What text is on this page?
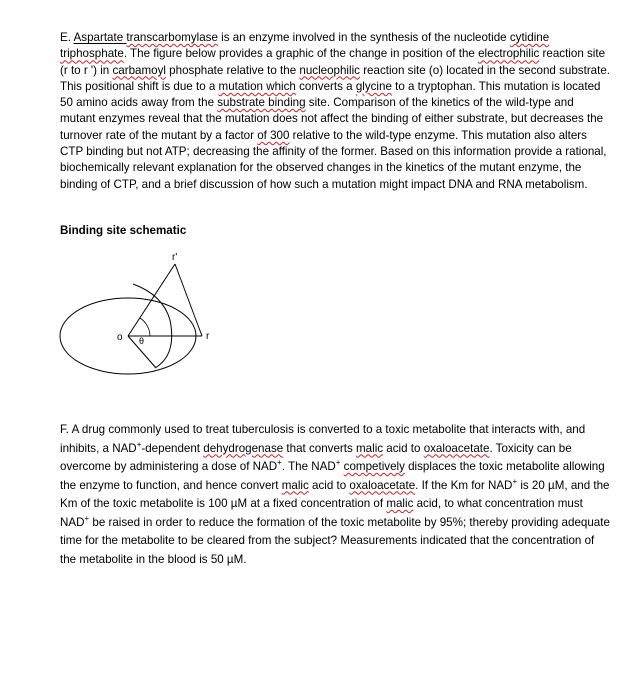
E. Aspartate transcarbomylase is an enzyme involved in the synthesis of the nucleotide cytidine triphosphate. The figure below provides a graphic of the change in position of the electrophilic reaction site (r to r ') in carbamoyl phosphate relative to the nucleophilic reaction site (o) located in the second substrate. This positional shift is due to a mutation which converts a glycine to a tryptophan. This mutation is located 50 amino acids away from the substrate binding site. Comparison of the kinetics of the wild-type and mutant enzymes reveal that the mutation does not affect the binding of either substrate, but decreases the turnover rate of the mutant by a factor of 300 relative to the wild-type enzyme. This mutation also alters CTP binding but not ATP; decreasing the affinity of the former. Based on this information provide a rational, biochemically relevant explanation for the observed changes in the kinetics of the mutant enzyme, the binding of CTP, and a brief discussion of how such a mutation might impact DNA and RNA metabolism.
Binding site schematic
r'
r
o θ
F. A drug commonly used to treat tuberculosis is converted to a toxic metabolite that interacts with, and inhibits, a NAD+-dependent dehydrogenase that converts malic acid to oxaloacetate. Toxicity can be overcome by administering a dose of NAD+. The NAD+ competively displaces the toxic metabolite allowing the enzyme to function, and hence convert malic acid to oxaloacetate. If the Km for NAD+ is 20 µM, and the Km of the toxic metabolite is 100 µM at a fixed concentration of malic acid, to what concentration must NAD+ be raised in order to reduce the formation of the toxic metabolite by 95%; thereby providing adequate time for the metabolite to be cleared from the subject? Measurements indicated that the concentration of the metabolite in the blood is 50 µM.
